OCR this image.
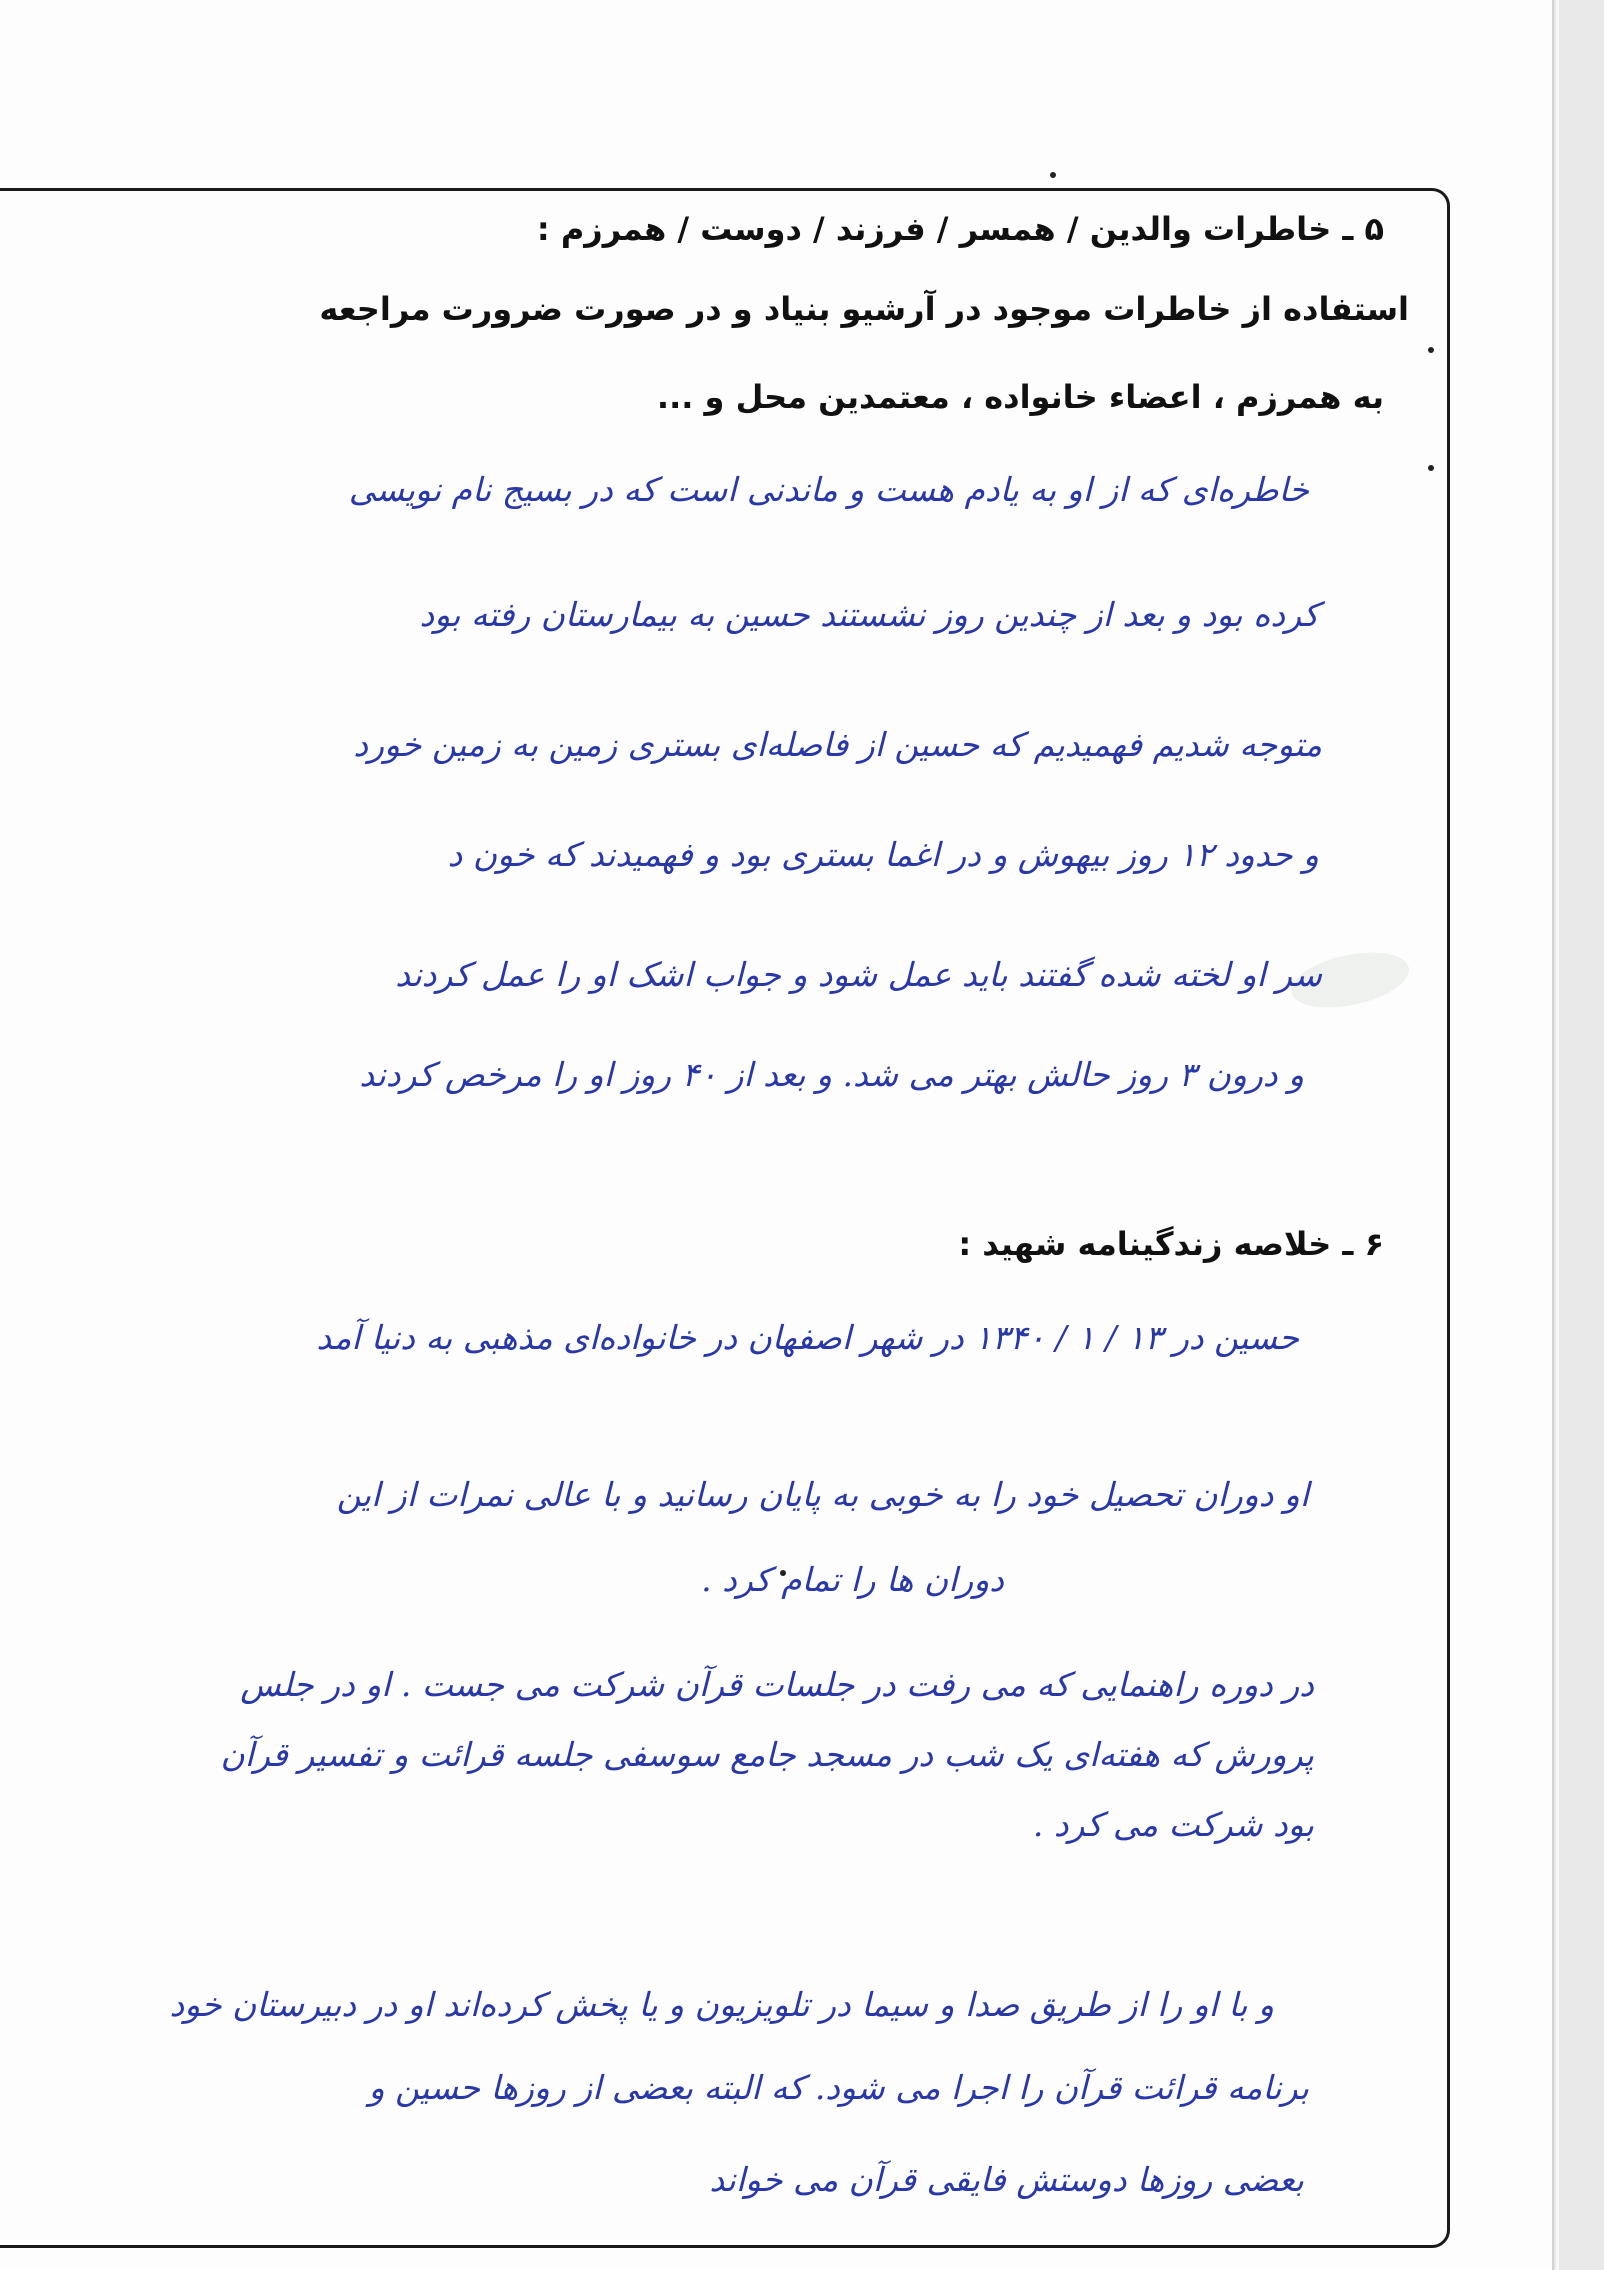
۵ ـ خاطرات والدین / همسر / فرزند / دوست / همرزم :
استفاده از خاطرات موجود در آرشیو بنیاد و در صورت ضرورت مراجعه
به همرزم ، اعضاء خانواده ، معتمدین محل و ...
خاطره‌ای که از او به یادم هست و ماندنی است که در بسیج نام نویسی
کرده بود و بعد از چندین روز نشستند حسین به بیمارستان رفته بود
متوجه شدیم فهمیدیم که حسین از فاصله‌ای بستری زمین به زمین خورد
و حدود ۱۲ روز بیهوش و در اغما بستری بود و فهمیدند که خون د
سر او لخته شده گفتند باید عمل شود و جواب اشک او را عمل کردند
و درون ۳ روز حالش بهتر می شد. و بعد از ۴۰ روز او را مرخص کردند
۶ ـ خلاصه زندگینامه شهید :
حسین در ۱۳ / ۱ / ۱۳۴۰ در شهر اصفهان در خانواده‌ای مذهبی به دنیا آمد
او دوران تحصیل خود را به خوبی به پایان رسانید و با عالی نمرات از این
دوران ها را تمام کرد .
در دوره راهنمایی که می رفت در جلسات قرآن شرکت می جست . او در جلس
پرورش که هفته‌ای یک شب در مسجد جامع سوسفی جلسه قرائت و تفسیر قرآن
بود شرکت می کرد .
و با او را از طریق صدا و سیما در تلویزیون و یا پخش کرده‌اند او در دبیرستان خود
برنامه قرائت قرآن را اجرا می شود. که البته بعضی از روزها حسین و
بعضی روزها دوستش فایقی قرآن می خواند
